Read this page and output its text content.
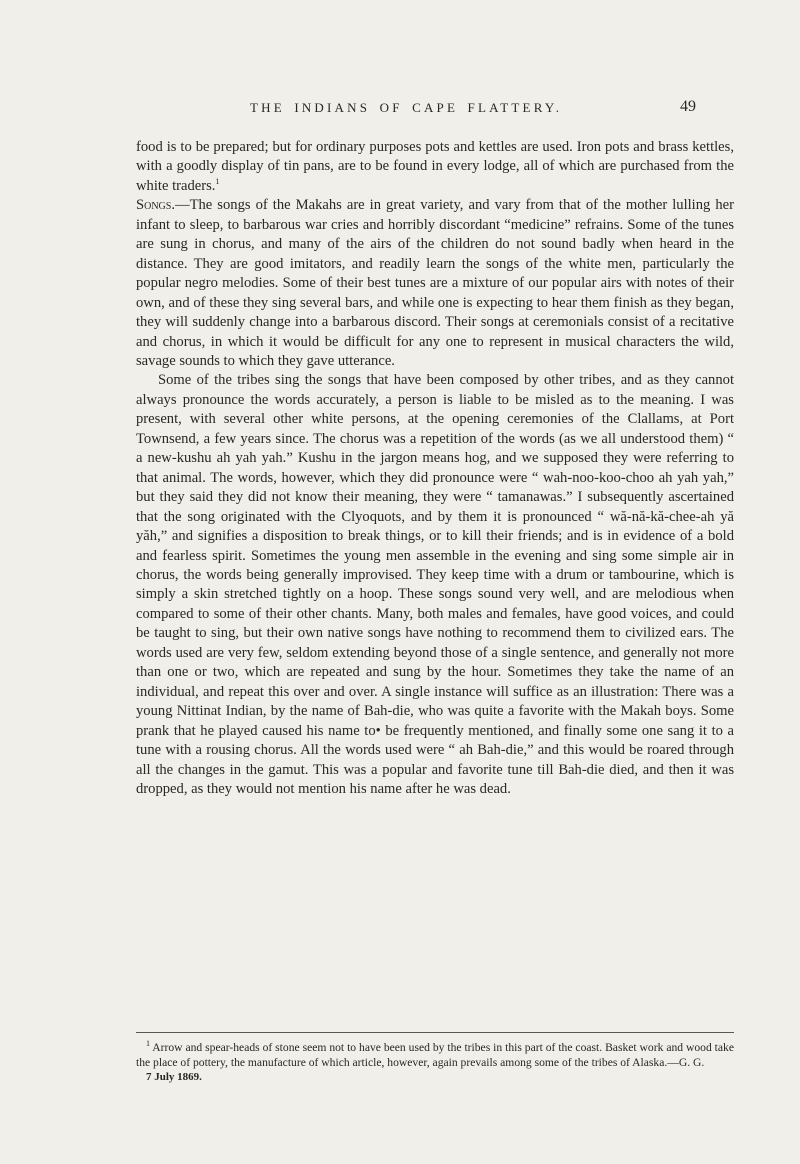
THE INDIANS OF CAPE FLATTERY.	49

food is to be prepared; but for ordinary purposes pots and kettles are used. Iron pots and brass kettles, with a goodly display of tin pans, are to be found in every lodge, all of which are purchased from the white traders.$^1$

Songs.—The songs of the Makahs are in great variety, and vary from that of the mother lulling her infant to sleep, to barbarous war cries and horribly discordant “medicine” refrains. Some of the tunes are sung in chorus, and many of the airs of the children do not sound badly when heard in the distance. They are good imitators, and readily learn the songs of the white men, particularly the popular negro melodies. Some of their best tunes are a mixture of our popular airs with notes of their own, and of these they sing several bars, and while one is expecting to hear them finish as they began, they will suddenly change into a barbarous discord. Their songs at ceremonials consist of a recitative and chorus, in which it would be difficult for any one to represent in musical characters the wild, savage sounds to which they gave utterance.

Some of the tribes sing the songs that have been composed by other tribes, and as they cannot always pronounce the words accurately, a person is liable to be misled as to the meaning. I was present, with several other white persons, at the opening ceremonies of the Clallams, at Port Townsend, a few years since. The chorus was a repetition of the words (as we all understood them) “ a new-kushu ah yah yah.” Kushu in the jargon means hog, and we supposed they were referring to that animal. The words, however, which they did pronounce were “ wah-noo-koo-choo ah yah yah,” but they said they did not know their meaning, they were “ tamanawas.” I subsequently ascertained that the song originated with the Clyoquots, and by them it is pronounced “ wă-nă-kă-chee-ah yă yăh,” and signifies a disposition to break things, or to kill their friends; and is in evidence of a bold and fearless spirit. Sometimes the young men assemble in the evening and sing some simple air in chorus, the words being generally improvised. They keep time with a drum or tambourine, which is simply a skin stretched tightly on a hoop. These songs sound very well, and are melodious when compared to some of their other chants. Many, both males and females, have good voices, and could be taught to sing, but their own native songs have nothing to recommend them to civilized ears. The words used are very few, seldom extending beyond those of a single sentence, and generally not more than one or two, which are repeated and sung by the hour. Sometimes they take the name of an individual, and repeat this over and over. A single instance will suffice as an illustration: There was a young Nittinat Indian, by the name of Bah-die, who was quite a favorite with the Makah boys. Some prank that he played caused his name to• be frequently mentioned, and finally some one sang it to a tune with a rousing chorus. All the words used were “ ah Bah-die,” and this would be roared through all the changes in the gamut. This was a popular and favorite tune till Bah-die died, and then it was dropped, as they would not mention his name after he was dead.

$^1$ Arrow and spear-heads of stone seem not to have been used by the tribes in this part of the coast. Basket work and wood take the place of pottery, the manufacture of which article, however, again prevails among some of the tribes of Alaska.—G. G.

7 July 1869.
